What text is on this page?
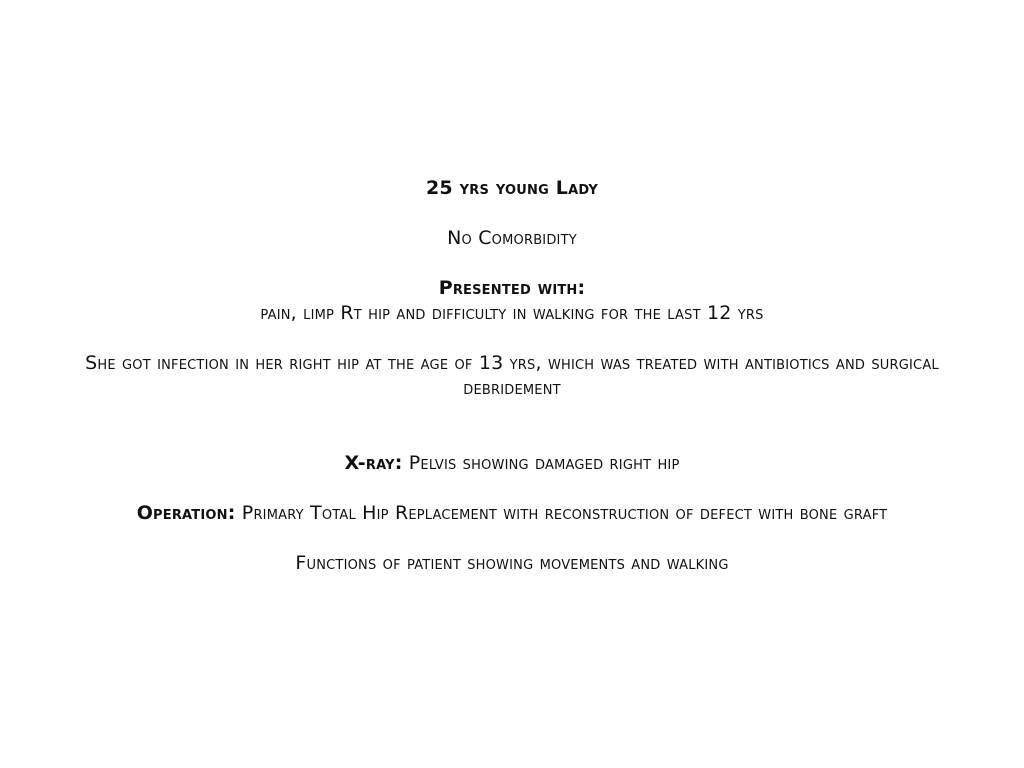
25 yrs young Lady
No Comorbidity
Presented with:
pain, limp Rt hip and difficulty in walking for the last 12 yrs
She got infection in her right hip at the age of 13 yrs, which was treated with antibiotics and surgical debridement
X-ray: Pelvis showing damaged right hip
Operation: Primary Total Hip Replacement with reconstruction of defect with bone graft
Functions of patient showing movements and walking
